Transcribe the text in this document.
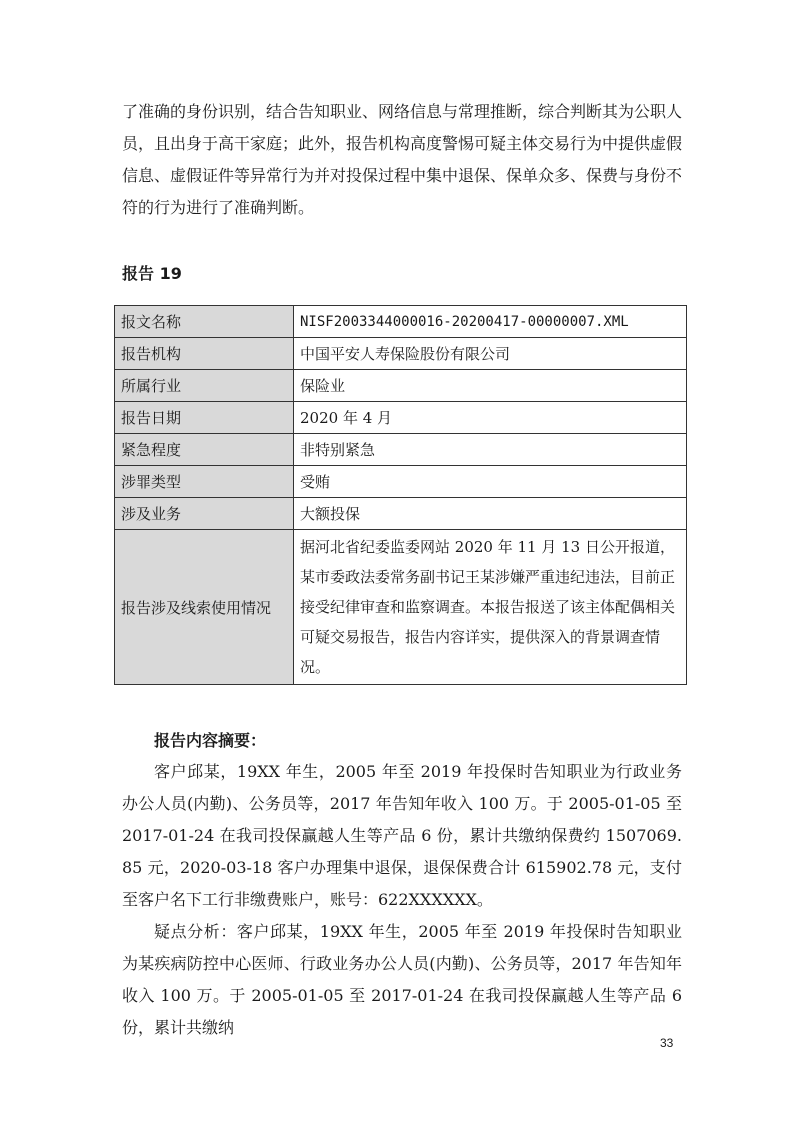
了准确的身份识别，结合告知职业、网络信息与常理推断，综合判断其为公职人员，且出身于高干家庭；此外，报告机构高度警惕可疑主体交易行为中提供虚假信息、虚假证件等异常行为并对投保过程中集中退保、保单众多、保费与身份不符的行为进行了准确判断。

报告 19

报文名称	NISF2003344000016-20200417-00000007.XML
报告机构	中国平安人寿保险股份有限公司
所属行业	保险业
报告日期	2020 年 4 月
紧急程度	非特别紧急
涉罪类型	受贿
涉及业务	大额投保
报告涉及线索使用情况	据河北省纪委监委网站 2020 年 11 月 13 日公开报道，某市委政法委常务副书记王某涉嫌严重违纪违法，目前正接受纪律审查和监察调查。本报告报送了该主体配偶相关可疑交易报告，报告内容详实，提供深入的背景调查情况。

报告内容摘要：

客户邱某，19XX 年生，2005 年至 2019 年投保时告知职业为行政业务办公人员(内勤)、公务员等，2017 年告知年收入 100 万。于 2005-01-05 至 2017-01-24 在我司投保赢越人生等产品 6 份，累计共缴纳保费约 1507069.85 元，2020-03-18 客户办理集中退保，退保保费合计 615902.78 元，支付至客户名下工行非缴费账户，账号：622XXXXXX。

疑点分析：客户邱某，19XX 年生，2005 年至 2019 年投保时告知职业为某疾病防控中心医师、行政业务办公人员(内勤)、公务员等，2017 年告知年收入 100 万。于 2005-01-05 至 2017-01-24 在我司投保赢越人生等产品 6 份，累计共缴纳

33
